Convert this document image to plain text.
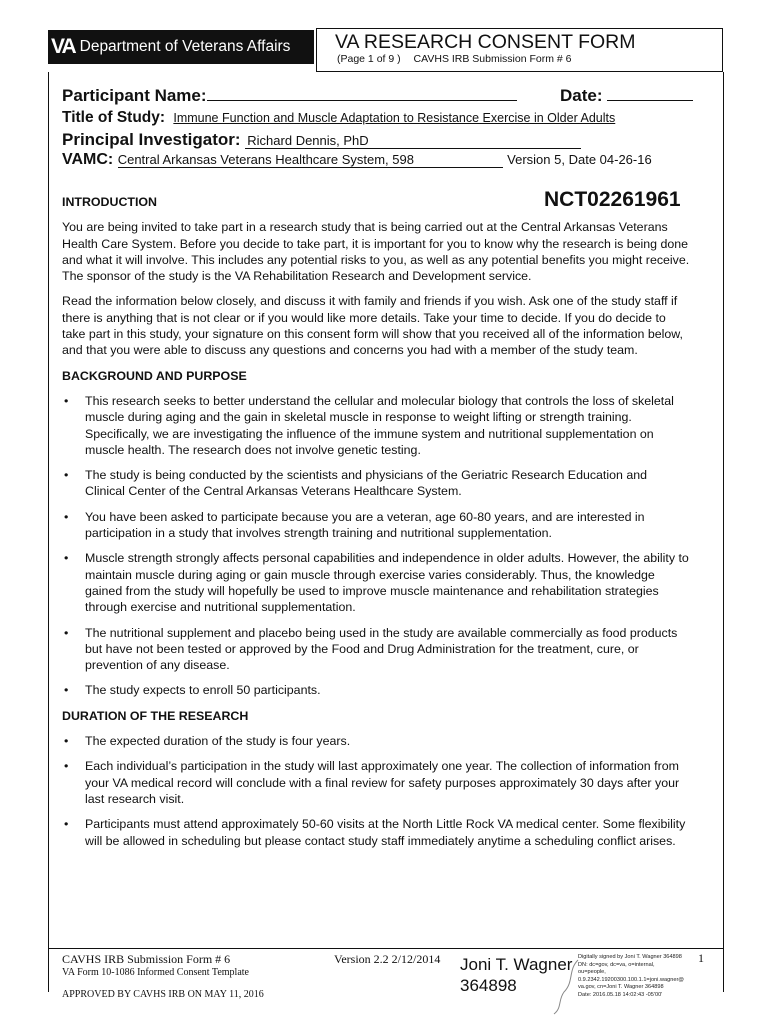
VA Department of Veterans Affairs VA RESEARCH CONSENT FORM
(Page 1 of 9 ) CAVHS IRB Submission Form # 6
Participant Name:	Date:
Title of Study: Immune Function and Muscle Adaptation to Resistance Exercise in Older Adults
Principal Investigator: Richard Dennis, PhD
VAMC: Central Arkansas Veterans Healthcare System, 598	Version 5, Date 04-26-16
NCT02261961
INTRODUCTION

You are being invited to take part in a research study that is being carried out at the Central Arkansas Veterans Health Care System. Before you decide to take part, it is important for you to know why the research is being done and what it will involve. This includes any potential risks to you, as well as any potential benefits you might receive. The sponsor of the study is the VA Rehabilitation Research and Development service.

Read the information below closely, and discuss it with family and friends if you wish. Ask one of the study staff if there is anything that is not clear or if you would like more details. Take your time to decide. If you do decide to take part in this study, your signature on this consent form will show that you received all of the information below, and that you were able to discuss any questions and concerns you had with a member of the study team.

BACKGROUND AND PURPOSE
• This research seeks to better understand the cellular and molecular biology that controls the loss of skeletal muscle during aging and the gain in skeletal muscle in response to weight lifting or strength training. Specifically, we are investigating the influence of the immune system and nutritional supplementation on muscle health. The research does not involve genetic testing.
• The study is being conducted by the scientists and physicians of the Geriatric Research Education and Clinical Center of the Central Arkansas Veterans Healthcare System.
• You have been asked to participate because you are a veteran, age 60-80 years, and are interested in participation in a study that involves strength training and nutritional supplementation.
• Muscle strength strongly affects personal capabilities and independence in older adults. However, the ability to maintain muscle during aging or gain muscle through exercise varies considerably. Thus, the knowledge gained from the study will hopefully be used to improve muscle maintenance and rehabilitation strategies through exercise and nutritional supplementation.
• The nutritional supplement and placebo being used in the study are available commercially as food products but have not been tested or approved by the Food and Drug Administration for the treatment, cure, or prevention of any disease.
• The study expects to enroll 50 participants.
DURATION OF THE RESEARCH
• The expected duration of the study is four years.
• Each individual’s participation in the study will last approximately one year. The collection of information from your VA medical record will conclude with a final review for safety purposes approximately 30 days after your last research visit.
• Participants must attend approximately 50-60 visits at the North Little Rock VA medical center. Some flexibility will be allowed in scheduling but please contact study staff immediately anytime a scheduling conflict arises.
CAVHS IRB Submission Form # 6
VA Form 10-1086 Informed Consent Template
APPROVED BY CAVHS IRB ON MAY 11, 2016
Version 2.2 2/12/2014	1
Joni T. Wagner
364898
Digitally signed by Joni T. Wagner 364898
DN: dc=gov, dc=va, o=internal,
ou=people,
0.9.2342.19200300.100.1.1=joni.wagner@
va.gov, cn=Joni T. Wagner 364898
Date: 2016.05.18 14:02:43 -05'00'
